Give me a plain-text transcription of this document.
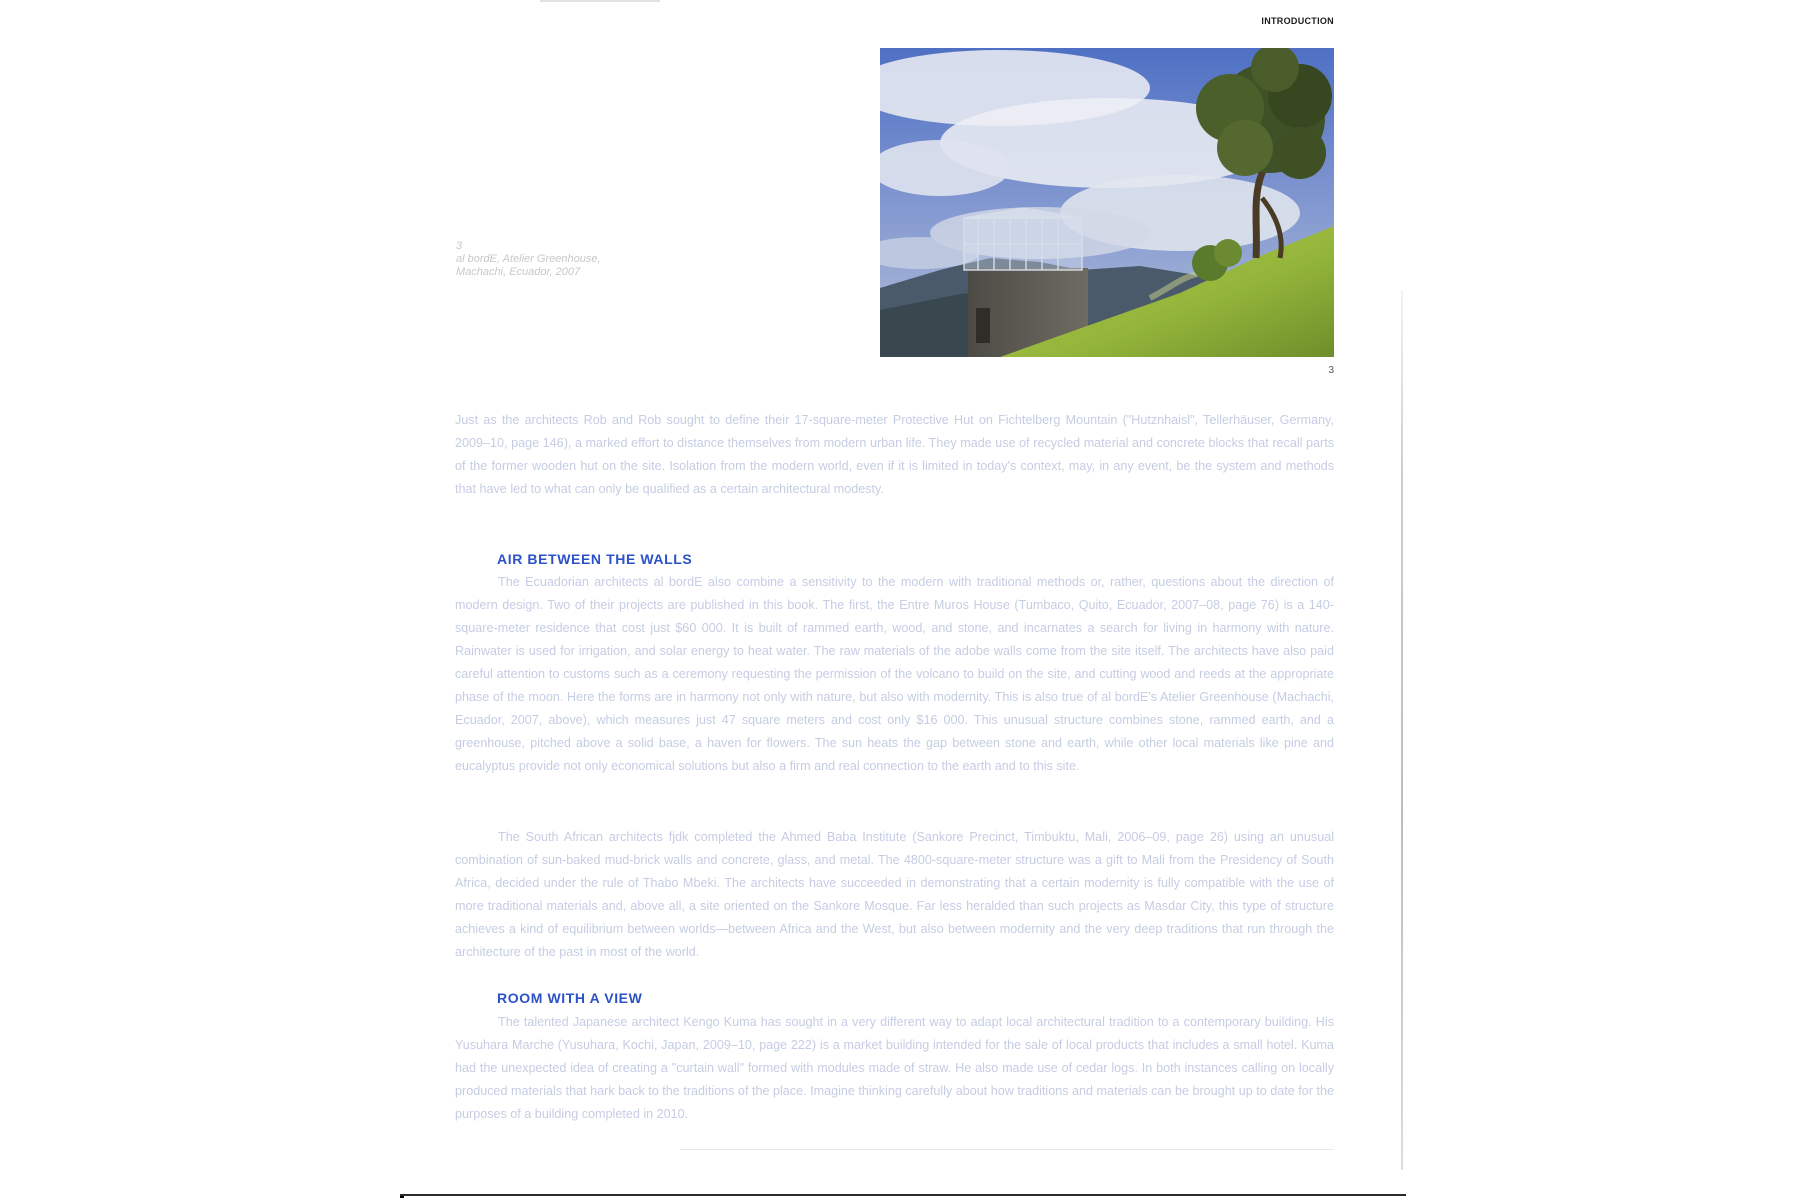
INTRODUCTION
3
3
al bordE, Atelier Greenhouse,
Machachi, Ecuador, 2007

Just as the architects Rob and Rob sought to define their 17-square-meter Protective Hut on Fichtelberg Mountain ("Hutznhaisl", Tellerhäuser, Germany, 2009–10, page 146), a marked effort to distance themselves from modern urban life. They made use of recycled material and concrete blocks that recall parts of the former wooden hut on the site. Isolation from the modern world, even if it is limited in today's context, may, in any event, be the system and methods that have led to what can only be qualified as a certain architectural modesty.

AIR BETWEEN THE WALLS

The Ecuadorian architects al bordE also combine a sensitivity to the modern with traditional methods or, rather, questions about the direction of modern design. Two of their projects are published in this book. The first, the Entre Muros House (Tumbaco, Quito, Ecuador, 2007–08, page 76) is a 140-square-meter residence that cost just $60 000. It is built of rammed earth, wood, and stone, and incarnates a search for living in harmony with nature. Rainwater is used for irrigation, and solar energy to heat water. The raw materials of the adobe walls come from the site itself. The architects have also paid careful attention to customs such as a ceremony requesting the permission of the volcano to build on the site, and cutting wood and reeds at the appropriate phase of the moon. Here the forms are in harmony not only with nature, but also with modernity. This is also true of al bordE's Atelier Greenhouse (Machachi, Ecuador, 2007, above), which measures just 47 square meters and cost only $16 000. This unusual structure combines stone, rammed earth, and a greenhouse, pitched above a solid base, a haven for flowers. The sun heats the gap between stone and earth, while other local materials like pine and eucalyptus provide not only economical solutions but also a firm and real connection to the earth and to this site.

The South African architects fjdk completed the Ahmed Baba Institute (Sankore Precinct, Timbuktu, Mali, 2006–09, page 26) using an unusual combination of sun-baked mud-brick walls and concrete, glass, and metal. The 4800-square-meter structure was a gift to Mali from the Presidency of South Africa, decided under the rule of Thabo Mbeki. The architects have succeeded in demonstrating that a certain modernity is fully compatible with the use of more traditional materials and, above all, a site oriented on the Sankore Mosque. Far less heralded than such projects as Masdar City, this type of structure achieves a kind of equilibrium between worlds—between Africa and the West, but also between modernity and the very deep traditions that run through the architecture of the past in most of the world.

ROOM WITH A VIEW

The talented Japanese architect Kengo Kuma has sought in a very different way to adapt local architectural tradition to a contemporary building. His Yusuhara Marche (Yusuhara, Kochi, Japan, 2009–10, page 222) is a market building intended for the sale of local products that includes a small hotel. Kuma had the unexpected idea of creating a "curtain wall" formed with modules made of straw. He also made use of cedar logs. In both instances calling on locally produced materials that hark back to the traditions of the place. Imagine thinking carefully about how traditions and materials can be brought up to date for the purposes of a building completed in 2010.
